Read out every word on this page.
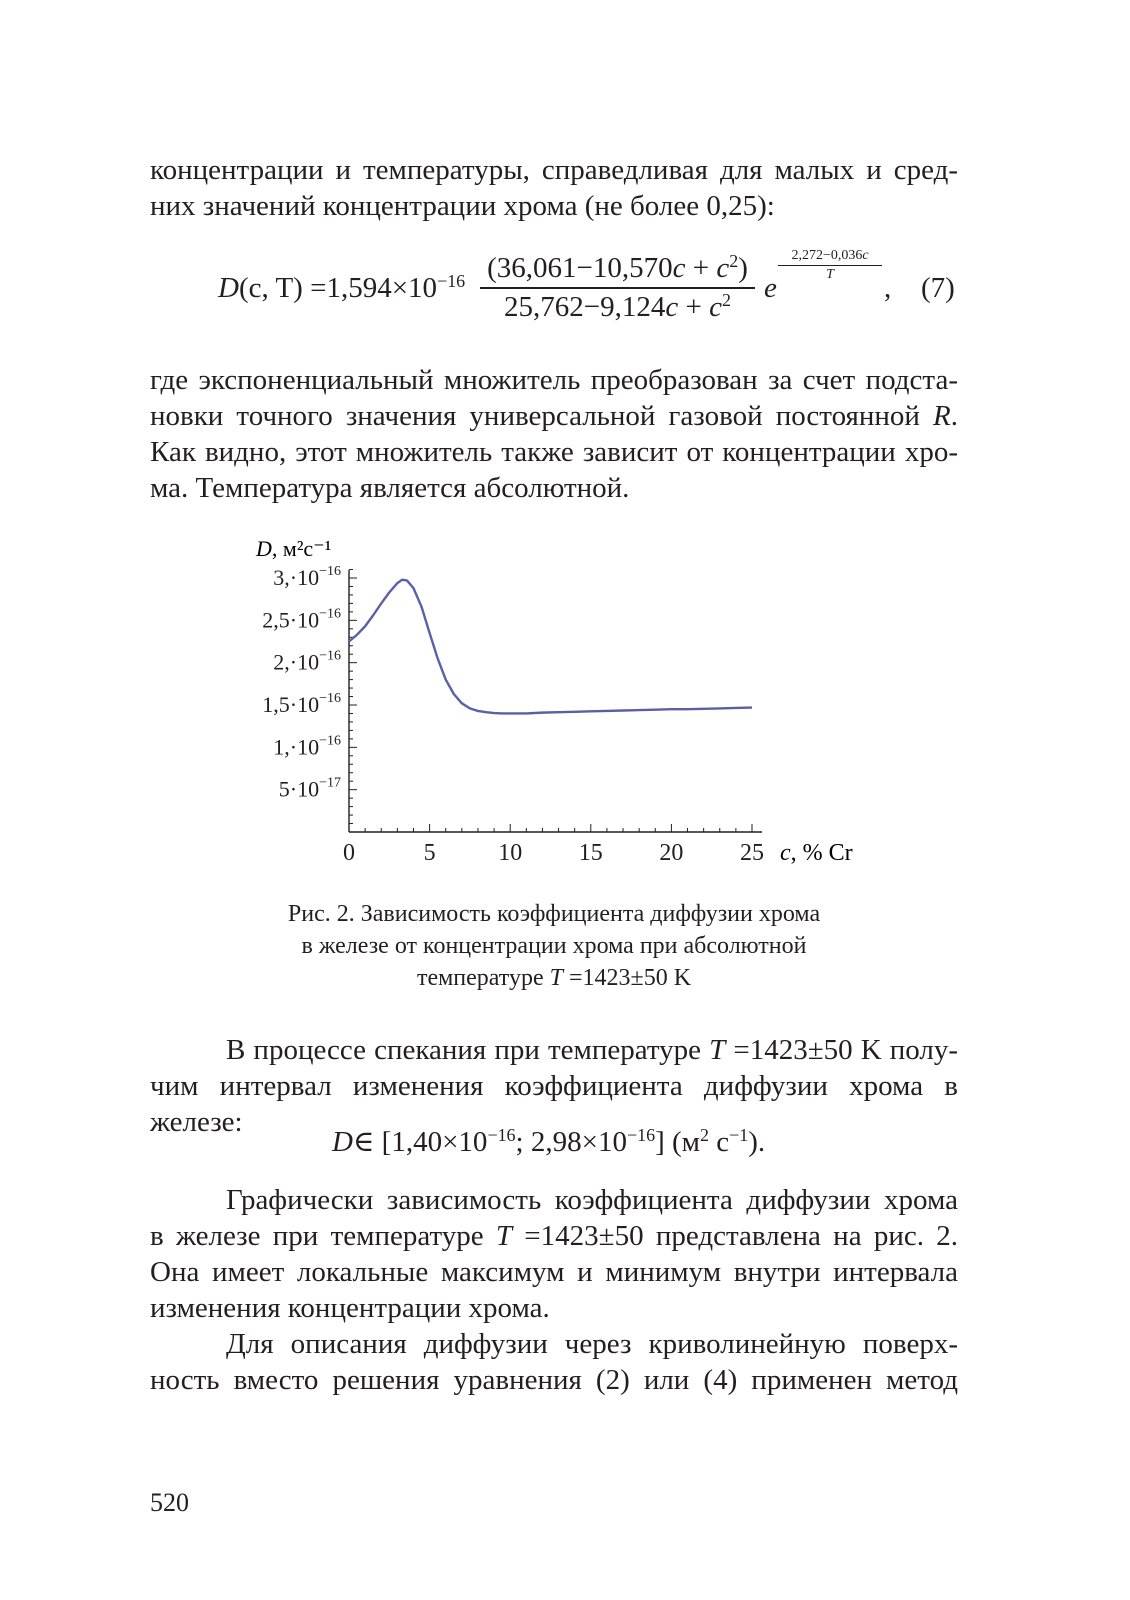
концентрации и температуры, справедливая для малых и сред-
них значений концентрации хрома (не более 0,25):
D(c, $T) =1,594\times 10^{-16}$ $(36,061-10,570c + c^2)$
$25,762-9,124c + c^2$	e
2,272−0,036c
T	, (7)
где экспоненциальный множитель преобразован за счет подста-
новки точного значения универсальной газовой постоянной R.
Как видно, этот множитель также зависит от концентрации хро-
ма. Температура является абсолютной.
D, м²с⁻¹
$5\cdot 10^{-17}$
$1,\cdot 10^{-16}$
$1,5\cdot 10^{-16}$
$2,\cdot 10^{-16}$
$2,5\cdot 10^{-16}$
$3,\cdot 10^{-16}$
0	5	10 15 20 25 c, % Cr
Рис. 2. Зависимость коэффициента диффузии хрома
в железе от концентрации хрома при абсолютной
температуре T =1423±50 K
В процессе спекания при температуре T =1423±50 K полу-
чим интервал изменения коэффициента диффузии хрома в железе:
D∈ [$1,40\times 10^{-16}$; $2,98\times 10^{-16}$] ($м^2$ $с^{-1}$).
Графически зависимость коэффициента диффузии хрома
в железе при температуре T =1423±50 представлена на рис. 2.
Она имеет локальные максимум и минимум внутри интервала
изменения концентрации хрома.
Для описания диффузии через криволинейную поверх-
ность вместо решения уравнения (2) или (4) применен метод
520
